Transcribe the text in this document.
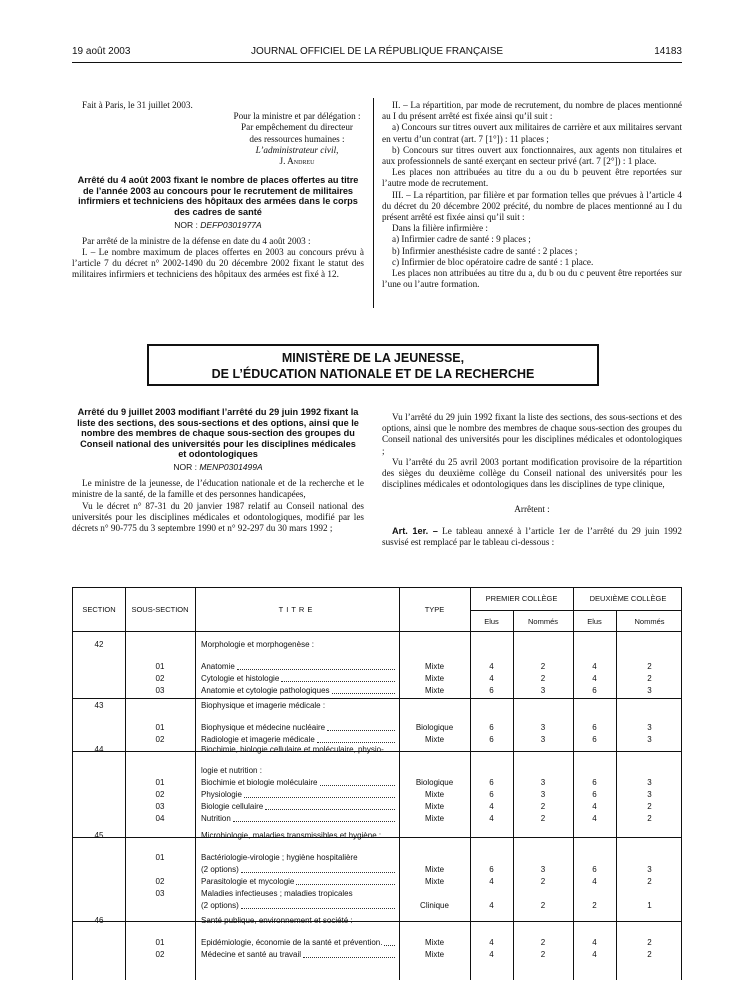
19 août 2003	JOURNAL OFFICIEL DE LA RÉPUBLIQUE FRANÇAISE	14183

Fait à Paris, le 31 juillet 2003.

Pour la ministre et par délégation :
Par empêchement du directeur
des ressources humaines :
L’administrateur civil,
J. Andreu
Arrêté du 4 août 2003 fixant le nombre de places offertes au titre de l’année 2003 au concours pour le recrutement de militaires infirmiers et techniciens des hôpitaux des armées dans le corps des cadres de santé
NOR : DEFP0301977A

Par arrêté de la ministre de la défense en date du 4 août 2003 :

I. – Le nombre maximum de places offertes en 2003 au concours prévu à l’article 7 du décret n° 2002-1490 du 20 décembre 2002 fixant le statut des militaires infirmiers et techniciens des hôpitaux des armées est fixé à 12.

II. – La répartition, par mode de recrutement, du nombre de places mentionné au I du présent arrêté est fixée ainsi qu’il suit :

a) Concours sur titres ouvert aux militaires de carrière et aux militaires servant en vertu d’un contrat (art. 7 [1°]) : 11 places ;

b) Concours sur titres ouvert aux fonctionnaires, aux agents non titulaires et aux professionnels de santé exerçant en secteur privé (art. 7 [2°]) : 1 place.

Les places non attribuées au titre du a ou du b peuvent être reportées sur l’autre mode de recrutement.

III. – La répartition, par filière et par formation telles que prévues à l’article 4 du décret du 20 décembre 2002 précité, du nombre de places mentionné au I du présent arrêté est fixée ainsi qu’il suit :

Dans la filière infirmière :

a) Infirmier cadre de santé : 9 places ;

b) Infirmier anesthésiste cadre de santé : 2 places ;

c) Infirmier de bloc opératoire cadre de santé : 1 place.

Les places non attribuées au titre du a, du b ou du c peuvent être reportées sur l’une ou l’autre formation.

MINISTÈRE DE LA JEUNESSE,
DE L’ÉDUCATION NATIONALE ET DE LA RECHERCHE
Arrêté du 9 juillet 2003 modifiant l’arrêté du 29 juin 1992 fixant la liste des sections, des sous-sections et des options, ainsi que le nombre des membres de chaque sous-section des groupes du Conseil national des universités pour les disciplines médicales et odontologiques
NOR : MENP0301499A

Le ministre de la jeunesse, de l’éducation nationale et de la recherche et le ministre de la santé, de la famille et des personnes handicapées,

Vu le décret n° 87-31 du 20 janvier 1987 relatif au Conseil national des universités pour les disciplines médicales et odontologiques, modifié par les décrets n° 90-775 du 3 septembre 1990 et n° 92-297 du 30 mars 1992 ;

Vu l’arrêté du 29 juin 1992 fixant la liste des sections, des sous-sections et des options, ainsi que le nombre des membres de chaque sous-section des groupes du Conseil national des universités pour les disciplines médicales et odontologiques ;

Vu l’arrêté du 25 avril 2003 portant modification provisoire de la répartition des sièges du deuxième collège du Conseil national des universités pour les disciplines médicales et odontologiques dans les disciplines de type clinique,

Arrêtent :

Art. 1er. – Le tableau annexé à l’article 1er de l’arrêté du 29 juin 1992 susvisé est remplacé par le tableau ci-dessous :

SECTION	SOUS-SECTION	TITRE	TYPE
PREMIER COLLÈGE	DEUXIÈME COLLÈGE
Elus	Nommés	Elus	Nommés
42	Morphologie et morphogenèse :
01	Anatomie	Mixte	4	2	4	2
02	Cytologie et histologie	Mixte	4	2	4	2
03	Anatomie et cytologie pathologiques	Mixte	6	3	6	3
43	Biophysique et imagerie médicale :
01	Biophysique et médecine nucléaire	Biologique	6	3	6	3
02	Radiologie et imagerie médicale	Mixte	6	3	6	3
44	Biochimie, biologie cellulaire et moléculaire, physio-
logie et nutrition :
01	Biochimie et biologie moléculaire	Biologique	6	3	6	3
02	Physiologie	Mixte	6	3	6	3
03	Biologie cellulaire	Mixte	4	2	4	2
04	Nutrition	Mixte	4	2	4	2
45	Microbiologie, maladies transmissibles et hygiène :
01	Bactériologie-virologie ; hygiène hospitalière
(2 options)	Mixte	6	3	6	3
02	Parasitologie et mycologie	Mixte	4	2	4	2
03	Maladies infectieuses ; maladies tropicales
(2 options)	Clinique	4	2	2	1
46	Santé publique, environnement et société :
01	Epidémiologie, économie de la santé et prévention.	Mixte	4	2	4	2
02	Médecine et santé au travail	Mixte	4	2	4	2
